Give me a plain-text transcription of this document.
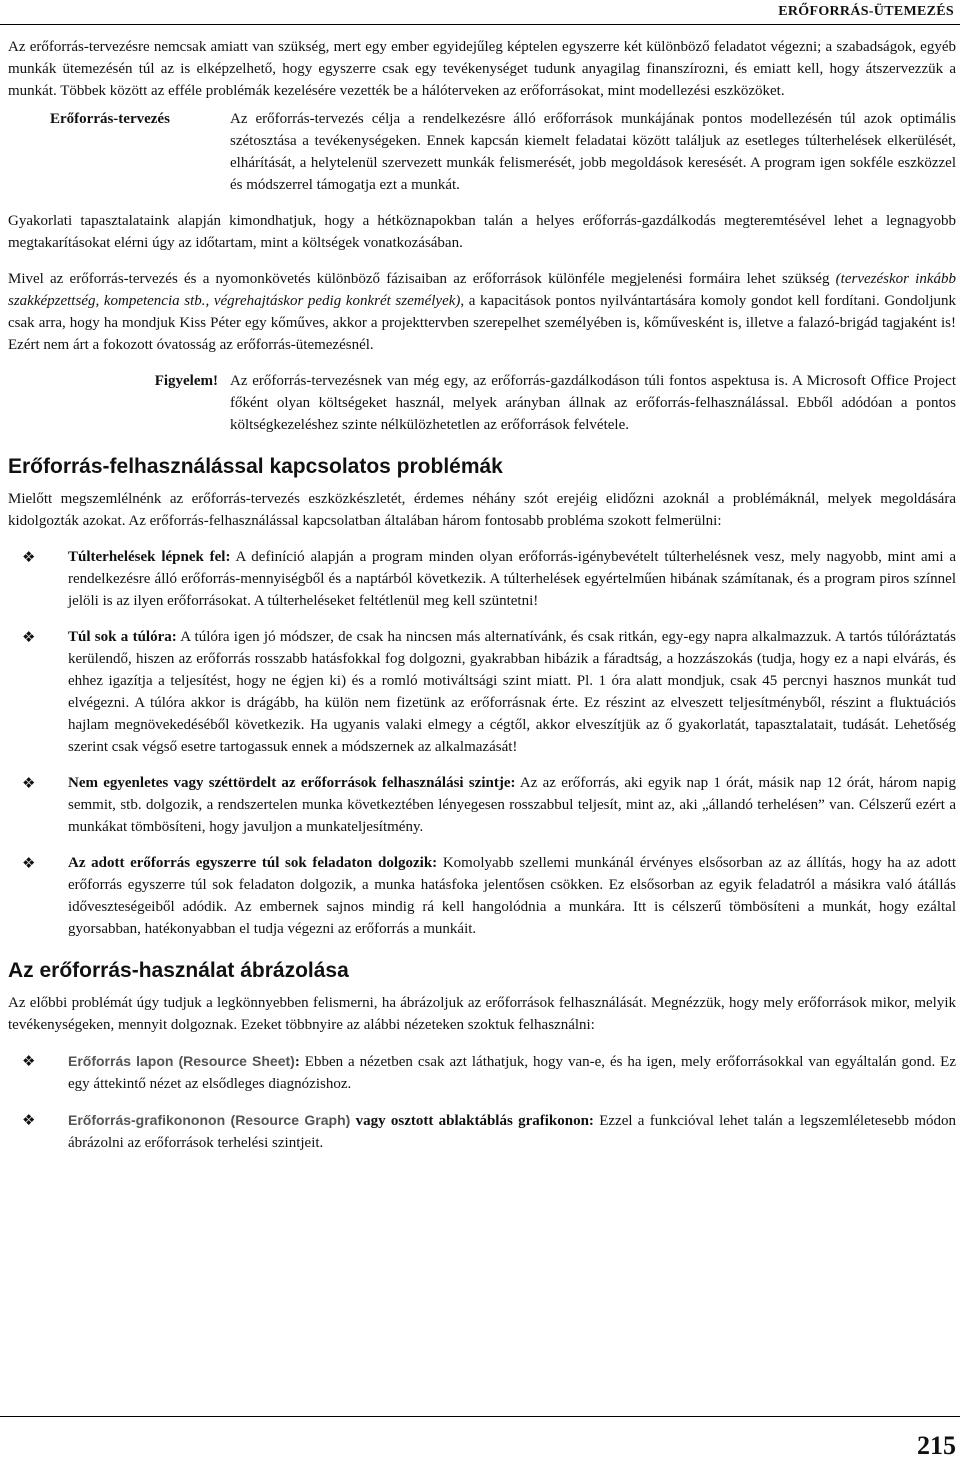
ERŐFORRÁS-ÜTEMEZÉS

Az erőforrás-tervezésre nemcsak amiatt van szükség, mert egy ember egyidejűleg képtelen egyszerre két különböző feladatot végezni; a szabadságok, egyéb munkák ütemezésén túl az is elképzelhető, hogy egyszerre csak egy tevékenységet tudunk anyagilag finanszírozni, és emiatt kell, hogy átszervezzük a munkát. Többek között az efféle problémák kezelésére vezették be a hálóterveken az erőforrásokat, mint modellezési eszközöket.

Erőforrás-tervezés	Az erőforrás-tervezés célja a rendelkezésre álló erőforrások munkájának pontos modellezésén túl azok optimális szétosztása a tevékenységeken. Ennek kapcsán kiemelt feladatai között találjuk az esetleges túlterhelések elkerülését, elhárítását, a helytelenül szervezett munkák felismerését, jobb megoldások keresését. A program igen sokféle eszközzel és módszerrel támogatja ezt a munkát.

Gyakorlati tapasztalataink alapján kimondhatjuk, hogy a hétköznapokban talán a helyes erőforrás-gazdálkodás megteremtésével lehet a legnagyobb megtakarításokat elérni úgy az időtartam, mint a költségek vonatkozásában.

Mivel az erőforrás-tervezés és a nyomonkövetés különböző fázisaiban az erőforrások különféle megjelenési formáira lehet szükség (tervezéskor inkább szakképzettség, kompetencia stb., végrehajtáskor pedig konkrét személyek), a kapacitások pontos nyilvántartására komoly gondot kell fordítani. Gondoljunk csak arra, hogy ha mondjuk Kiss Péter egy kőműves, akkor a projekttervben szerepelhet személyében is, kőművesként is, illetve a falazó-brigád tagjaként is! Ezért nem árt a fokozott óvatosság az erőforrás-ütemezésnél.

Figyelem! Az erőforrás-tervezésnek van még egy, az erőforrás-gazdálkodáson túli fontos aspektusa is. A Microsoft Office Project főként olyan költségeket használ, melyek arányban állnak az erőforrás-felhasználással. Ebből adódóan a pontos költségkezeléshez szinte nélkülözhetetlen az erőforrások felvétele.
Erőforrás-felhasználással kapcsolatos problémák

Mielőtt megszemlélnénk az erőforrás-tervezés eszközkészletét, érdemes néhány szót erejéig elidőzni azoknál a problémáknál, melyek megoldására kidolgozták azokat. Az erőforrás-felhasználással kapcsolatban általában három fontosabb probléma szokott felmerülni:

❖ Túlterhelések lépnek fel: A definíció alapján a program minden olyan erőforrás-igénybevételt túlterhelésnek vesz, mely nagyobb, mint ami a rendelkezésre álló erőforrás-mennyiségből és a naptárból következik. A túlterhelések egyértelműen hibának számítanak, és a program piros színnel jelöli is az ilyen erőforrásokat. A túlterheléseket feltétlenül meg kell szüntetni!
❖ Túl sok a túlóra: A túlóra igen jó módszer, de csak ha nincsen más alternatívánk, és csak ritkán, egy-egy napra alkalmazzuk. A tartós túlóráztatás kerülendő, hiszen az erőforrás rosszabb hatásfokkal fog dolgozni, gyakrabban hibázik a fáradtság, a hozzászokás (tudja, hogy ez a napi elvárás, és ehhez igazítja a teljesítést, hogy ne égjen ki) és a romló motiváltsági szint miatt. Pl. 1 óra alatt mondjuk, csak 45 percnyi hasznos munkát tud elvégezni. A túlóra akkor is drágább, ha külön nem fizetünk az erőforrásnak érte. Ez részint az elveszett teljesítményből, részint a fluktuációs hajlam megnövekedéséből következik. Ha ugyanis valaki elmegy a cégtől, akkor elveszítjük az ő gyakorlatát, tapasztalatait, tudását. Lehetőség szerint csak végső esetre tartogassuk ennek a módszernek az alkalmazását!
❖ Nem egyenletes vagy széttördelt az erőforrások felhasználási szintje: Az az erőforrás, aki egyik nap 1 órát, másik nap 12 órát, három napig semmit, stb. dolgozik, a rendszertelen munka következtében lényegesen rosszabbul teljesít, mint az, aki „állandó terhelésen” van. Célszerű ezért a munkákat tömbösíteni, hogy javuljon a munkateljesítmény.
❖ Az adott erőforrás egyszerre túl sok feladaton dolgozik: Komolyabb szellemi munkánál érvényes elsősorban az az állítás, hogy ha az adott erőforrás egyszerre túl sok feladaton dolgozik, a munka hatásfoka jelentősen csökken. Ez elsősorban az egyik feladatról a másikra való átállás időveszteségeiből adódik. Az embernek sajnos mindig rá kell hangolódnia a munkára. Itt is célszerű tömbösíteni a munkát, hogy ezáltal gyorsabban, hatékonyabban el tudja végezni az erőforrás a munkáit.
Az erőforrás-használat ábrázolása

Az előbbi problémát úgy tudjuk a legkönnyebben felismerni, ha ábrázoljuk az erőforrások felhasználását. Megnézzük, hogy mely erőforrások mikor, melyik tevékenységeken, mennyit dolgoznak. Ezeket többnyire az alábbi nézeteken szoktuk felhasználni:

❖ Erőforrás lapon (Resource Sheet): Ebben a nézetben csak azt láthatjuk, hogy van-e, és ha igen, mely erőforrásokkal van egyáltalán gond. Ez egy áttekintő nézet az elsődleges diagnózishoz.
❖ Erőforrás-grafikononon (Resource Graph) vagy osztott ablaktáblás grafikonon: Ezzel a funkcióval lehet talán a legszemléletesebb módon ábrázolni az erőforrások terhelési szintjeit.
215
